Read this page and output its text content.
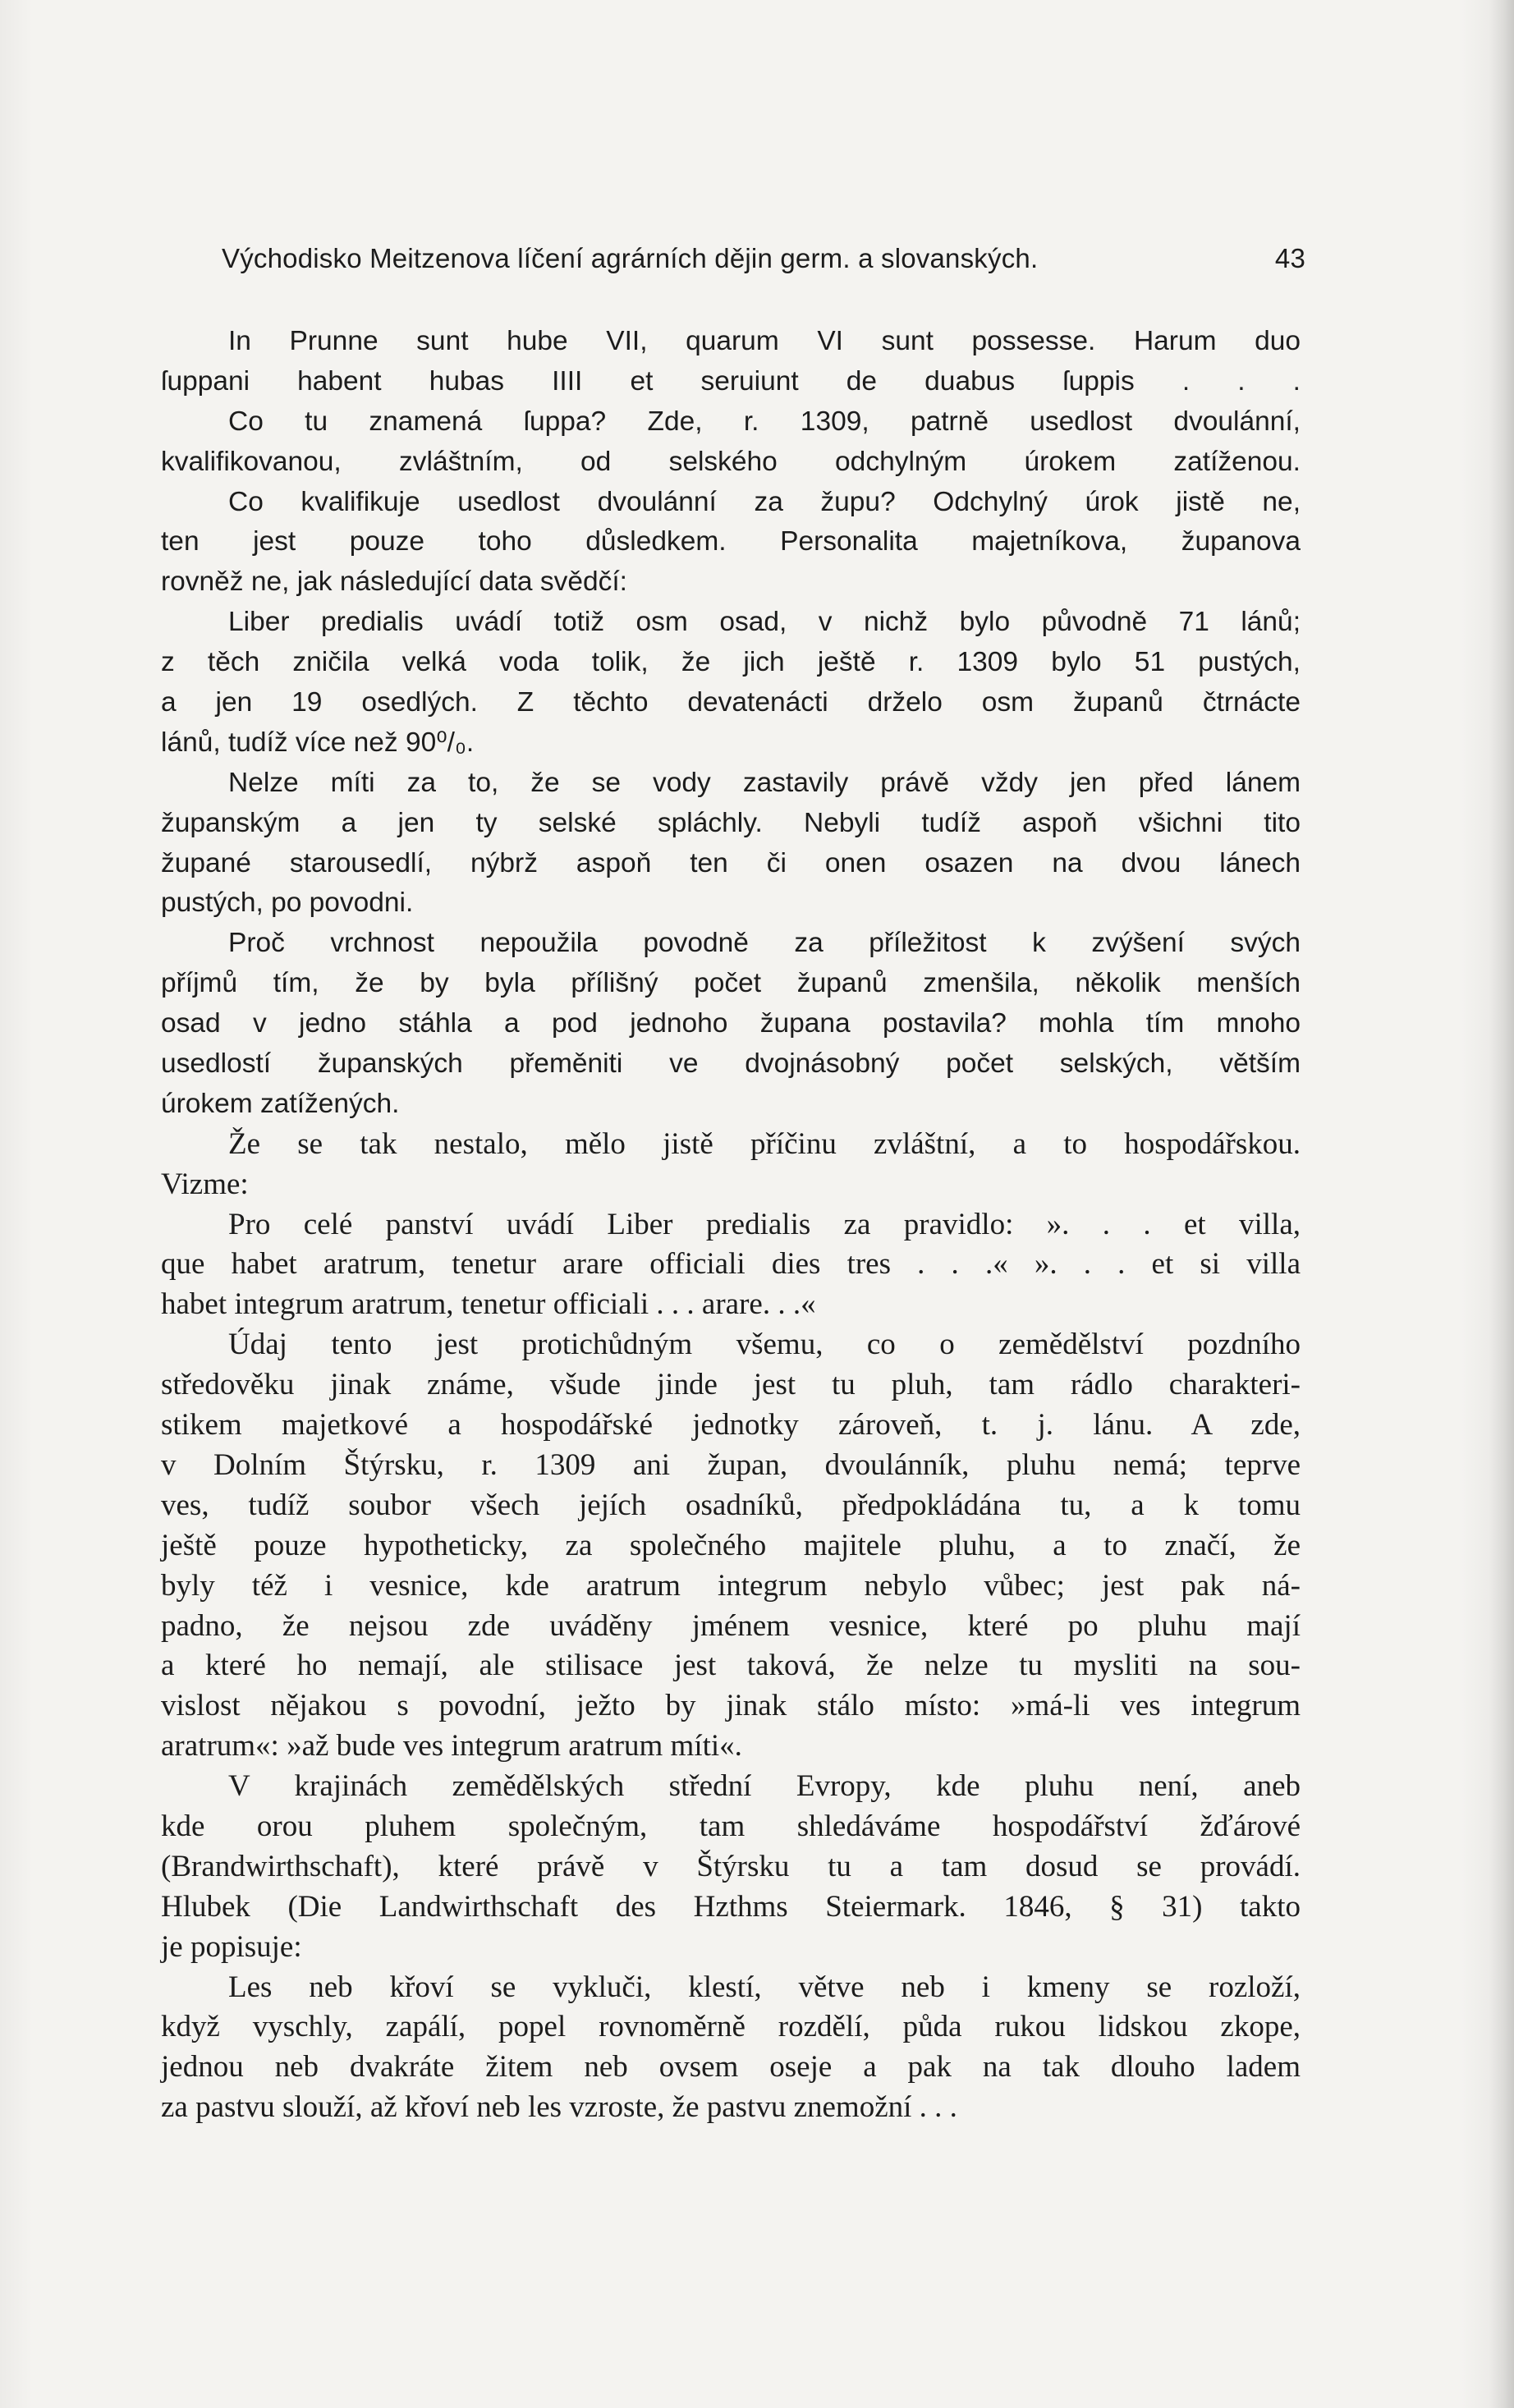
Východisko Meitzenova líčení agrárních dějin germ. a slovanských.	43
In Prunne sunt hube VII, quarum VI sunt possesse. Harum duo
ſuppani habent hubas IIII et seruiunt de duabus ſuppis . . .
Co tu znamená ſuppa? Zde, r. 1309, patrně usedlost dvoulánní,
kvalifikovanou, zvláštním, od selského odchylným úrokem zatíženou.
Co kvalifikuje usedlost dvoulánní za župu? Odchylný úrok jistě ne,
ten jest pouze toho důsledkem. Personalita majetníkova, županova
rovněž ne, jak následující data svědčí:
Liber predialis uvádí totiž osm osad, v nichž bylo původně 71 lánů;
z těch zničila velká voda tolik, že jich ještě r. 1309 bylo 51 pustých,
a jen 19 osedlých. Z těchto devatenácti drželo osm županů čtrnácte
lánů, tudíž více než 90⁰/₀.
Nelze míti za to, že se vody zastavily právě vždy jen před lánem
županským a jen ty selské spláchly. Nebyli tudíž aspoň všichni tito
župané starousedlí, nýbrž aspoň ten či onen osazen na dvou lánech
pustých, po povodni.
Proč vrchnost nepoužila povodně za příležitost k zvýšení svých
příjmů tím, že by byla přílišný počet županů zmenšila, několik menších
osad v jedno stáhla a pod jednoho župana postavila? mohla tím mnoho
usedlostí županských přeměniti ve dvojnásobný počet selských, větším
úrokem zatížených.
Že se tak nestalo, mělo jistě příčinu zvláštní, a to hospodářskou.
Vizme:
Pro celé panství uvádí Liber predialis za pravidlo: ». . . et villa,
que habet aratrum, tenetur arare officiali dies tres . . .« ». . . et si villa
habet integrum aratrum, tenetur officiali . . . arare. . .«
Údaj tento jest protichůdným všemu, co o zemědělství pozdního
středověku jinak známe, všude jinde jest tu pluh, tam rádlo charakteri-
stikem majetkové a hospodářské jednotky zároveň, t. j. lánu. A zde,
v Dolním Štýrsku, r. 1309 ani župan, dvoulánník, pluhu nemá; teprve
ves, tudíž soubor všech jejích osadníků, předpokládána tu, a k tomu
ještě pouze hypotheticky, za společného majitele pluhu, a to značí, že
byly též i vesnice, kde aratrum integrum nebylo vůbec; jest pak ná-
padno, že nejsou zde uváděny jménem vesnice, které po pluhu mají
a které ho nemají, ale stilisace jest taková, že nelze tu mysliti na sou-
vislost nějakou s povodní, ježto by jinak stálo místo: »má-li ves integrum
aratrum«: »až bude ves integrum aratrum míti«.
V krajinách zemědělských střední Evropy, kde pluhu není, aneb
kde orou pluhem společným, tam shledáváme hospodářství žďárové
(Brandwirthschaft), které právě v Štýrsku tu a tam dosud se provádí.
Hlubek (Die Landwirthschaft des Hzthms Steiermark. 1846, § 31) takto
je popisuje:
Les neb křoví se vykluči, klestí, větve neb i kmeny se rozloží,
když vyschly, zapálí, popel rovnoměrně rozdělí, půda rukou lidskou zkope,
jednou neb dvakráte žitem neb ovsem oseje a pak na tak dlouho ladem
za pastvu slouží, až křoví neb les vzroste, že pastvu znemožní . . .
